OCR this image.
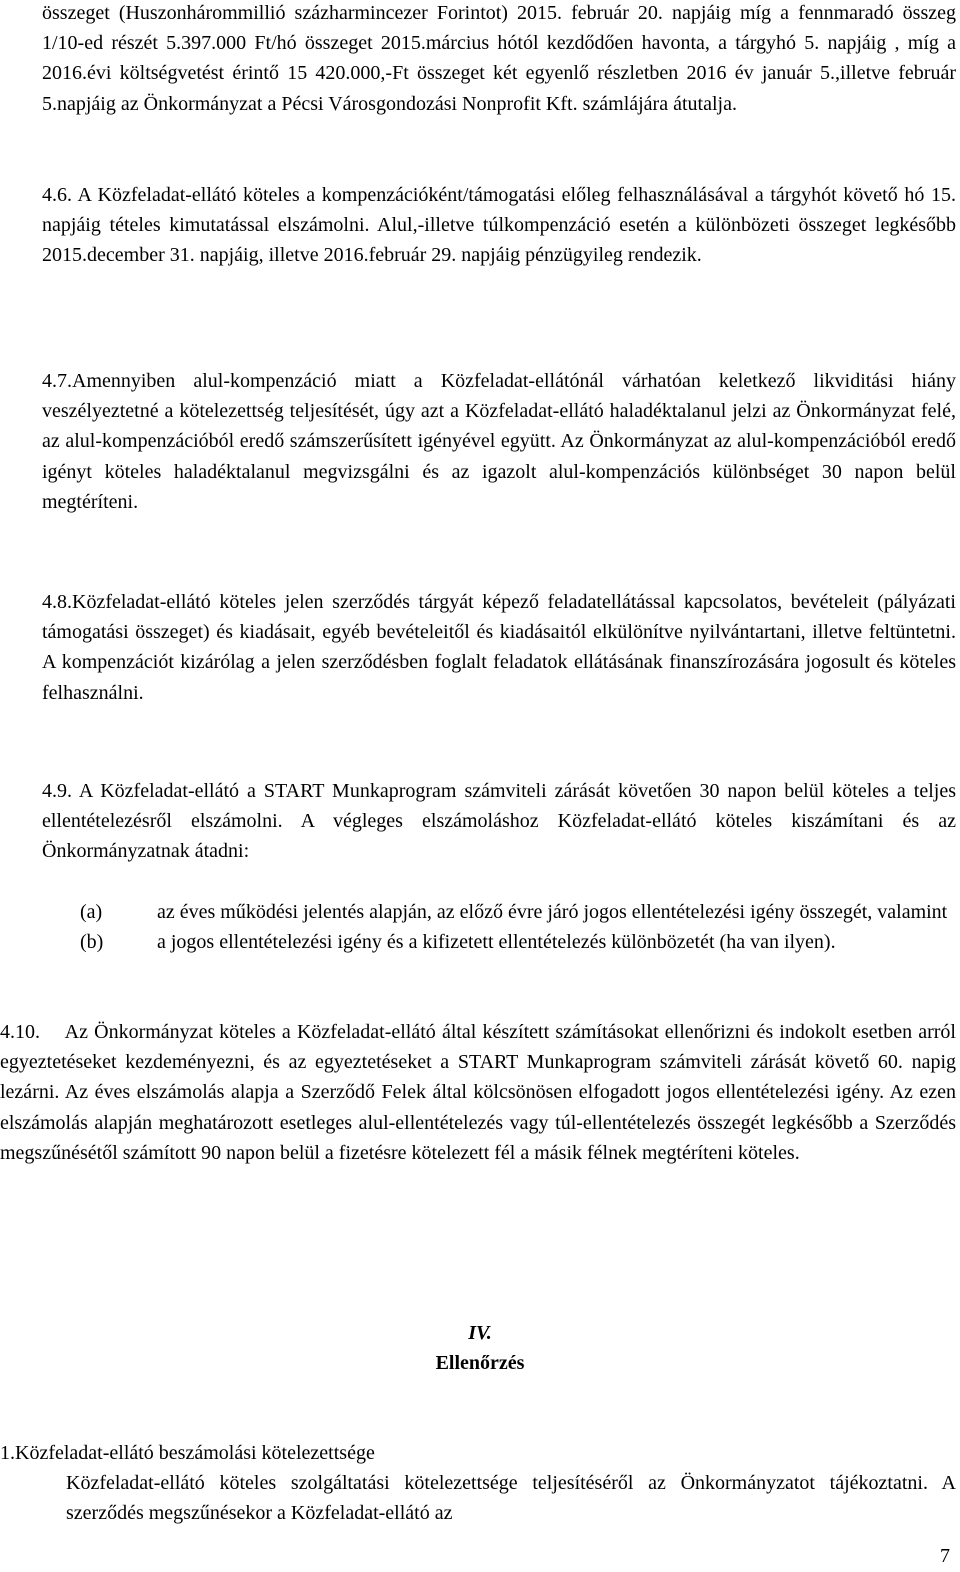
összeget (Huszonhárommillió százharmincezer Forintot) 2015. február 20. napjáig míg a fennmaradó összeg 1/10-ed részét 5.397.000 Ft/hó összeget 2015.március hótól kezdődően havonta, a tárgyhó 5. napjáig , míg a 2016.évi költségvetést érintő 15 420.000,-Ft összeget két egyenlő részletben 2016 év január 5.,illetve február 5.napjáig az Önkormányzat a Pécsi Városgondozási Nonprofit Kft. számlájára átutalja.

4.6. A Közfeladat-ellátó köteles a kompenzációként/támogatási előleg felhasználásával a tárgyhót követő hó 15. napjáig tételes kimutatással elszámolni. Alul,-illetve túlkompenzáció esetén a különbözeti összeget legkésőbb 2015.december 31. napjáig, illetve 2016.február 29. napjáig pénzügyileg rendezik.

4.7.Amennyiben alul-kompenzáció miatt a Közfeladat-ellátónál várhatóan keletkező likviditási hiány veszélyeztetné a kötelezettség teljesítését, úgy azt a Közfeladat-ellátó haladéktalanul jelzi az Önkormányzat felé, az alul-kompenzációból eredő számszerűsített igényével együtt. Az Önkormányzat az alul-kompenzációból eredő igényt köteles haladéktalanul megvizsgálni és az igazolt alul-kompenzációs különbséget 30 napon belül megtéríteni.

4.8.Közfeladat-ellátó köteles jelen szerződés tárgyát képező feladatellátással kapcsolatos, bevételeit (pályázati támogatási összeget) és kiadásait, egyéb bevételeitől és kiadásaitól elkülönítve nyilvántartani, illetve feltüntetni. A kompenzációt kizárólag a jelen szerződésben foglalt feladatok ellátásának finanszírozására jogosult és köteles felhasználni.

4.9. A Közfeladat-ellátó a START Munkaprogram számviteli zárását követően 30 napon belül köteles a teljes ellentételezésről elszámolni. A végleges elszámoláshoz Közfeladat-ellátó köteles kiszámítani és az Önkormányzatnak átadni:

(a)	az éves működési jelentés alapján, az előző évre járó jogos ellentételezési igény összegét, valamint
(b)	a jogos ellentételezési igény és a kifizetett ellentételezés különbözetét (ha van ilyen).

4.10. Az Önkormányzat köteles a Közfeladat-ellátó által készített számításokat ellenőrizni és indokolt esetben arról egyeztetéseket kezdeményezni, és az egyeztetéseket a START Munkaprogram számviteli zárását követő 60. napig lezárni. Az éves elszámolás alapja a Szerződő Felek által kölcsönösen elfogadott jogos ellentételezési igény. Az ezen elszámolás alapján meghatározott esetleges alul-ellentételezés vagy túl-ellentételezés összegét legkésőbb a Szerződés megszűnésétől számított 90 napon belül a fizetésre kötelezett fél a másik félnek megtéríteni köteles.

IV.
Ellenőrzés
1.Közfeladat-ellátó beszámolási kötelezettsége

Közfeladat-ellátó köteles szolgáltatási kötelezettsége teljesítéséről az Önkormányzatot tájékoztatni. A szerződés megszűnésekor a Közfeladat-ellátó az

7
